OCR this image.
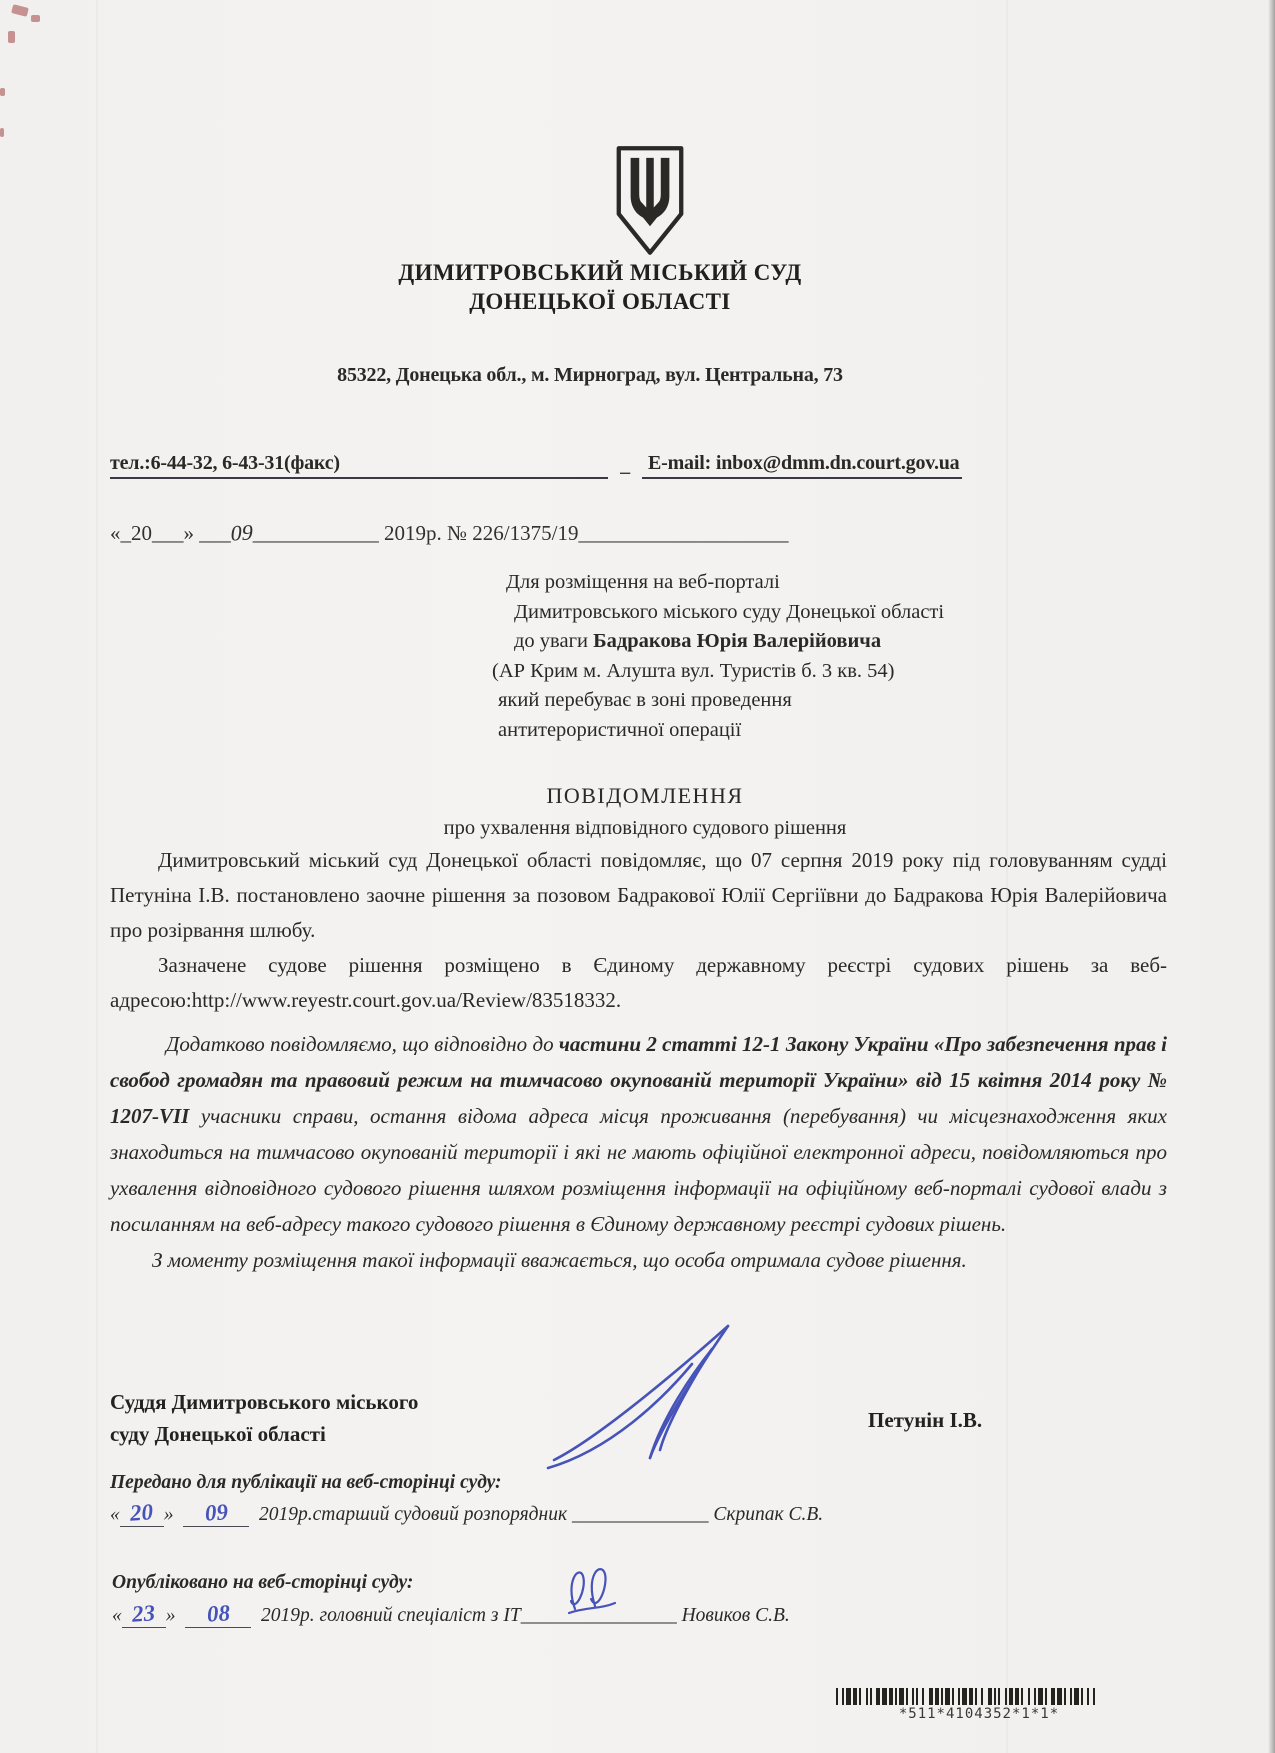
ДИМИТРОВСЬКИЙ МІСЬКИЙ СУД
ДОНЕЦЬКОЇ ОБЛАСТІ
85322, Донецька обл., м. Мирноград, вул. Центральна, 73
тел.:6-44-32, 6-43-31(факс)	_ E-mail: inbox@dmm.dn.court.gov.ua
«_20___» ___09____________ 2019р. № 226/1375/19____________________
Для розміщення на веб-порталі
Димитровського міського суду Донецької області
до уваги Бадракова Юрія Валерійовича
(АР Крим м. Алушта вул. Туристів б. 3 кв. 54)
який перебуває в зоні проведення
антитерористичної операції
ПОВІДОМЛЕННЯ
про ухвалення відповідного судового рішення

Димитровський міський суд Донецької області повідомляє, що 07 серпня 2019 року під головуванням судді Петуніна І.В. постановлено заочне рішення за позовом Бадракової Юлії Сергіївни до Бадракова Юрія Валерійовича про розірвання шлюбу.

Зазначене судове рішення розміщено в Єдиному державному реєстрі судових рішень за веб-адресою:http://www.reyestr.court.gov.ua/Review/83518332.

Додатково повідомляємо, що відповідно до частини 2 статті 12-1 Закону України «Про забезпечення прав і свобод громадян та правовий режим на тимчасово окупованій території України» від 15 квітня 2014 року № 1207-VII учасники справи, остання відома адреса місця проживання (перебування) чи місцезнаходження яких знаходиться на тимчасово окупованій території і які не мають офіційної електронної адреси, повідомляються про ухвалення відповідного судового рішення шляхом розміщення інформації на офіційному веб-порталі судової влади з посиланням на веб-адресу такого судового рішення в Єдиному державному реєстрі судових рішень.

З моменту розміщення такої інформації вважається, що особа отримала судове рішення.

Суддя Димитровського міського
суду Донецької області
Петунін І.В.
Передано для публікації на веб-сторінці суду:
« 20 » 09 2019р.старший судовий розпорядник ______________ Скрипак С.В.
Опубліковано на веб-сторінці суду:
« 23 » 08 2019р. головний спеціаліст з ІТ________________
Новиков С.В.
*511*4104352*1*1*
